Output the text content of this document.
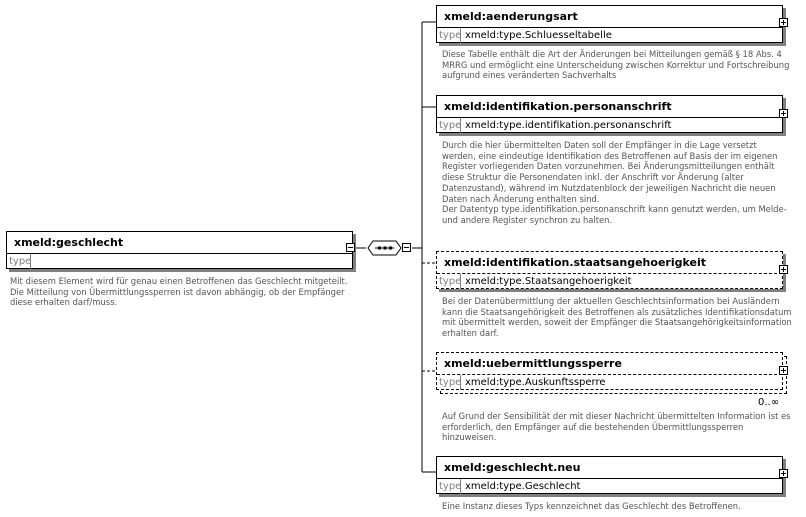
xmeld:geschlecht
type
Mit diesem Element wird für genau einen Betroffenen das Geschlecht mitgeteilt.
Die Mitteilung von Übermittlungssperren ist davon abhängig, ob der Empfänger
diese erhalten darf/muss.
xmeld:aenderungsart
type xmeld:type.Schluesseltabelle
Diese Tabelle enthält die Art der Änderungen bei Mitteilungen gemäß § 18 Abs. 4
MRRG und ermöglicht eine Unterscheidung zwischen Korrektur und Fortschreibung
aufgrund eines veränderten Sachverhalts
xmeld:identifikation.personanschrift
type xmeld:type.identifikation.personanschrift
Durch die hier übermittelten Daten soll der Empfänger in die Lage versetzt
werden, eine eindeutige Identifikation des Betroffenen auf Basis der im eigenen
Register vorliegenden Daten vorzunehmen. Bei Änderungsmitteilungen enthält
diese Struktur die Personendaten inkl. der Anschrift vor Änderung (alter
Datenzustand), während im Nutzdatenblock der jeweiligen Nachricht die neuen
Daten nach Änderung enthalten sind.
Der Datentyp type.identifikation.personanschrift kann genutzt werden, um Melde-
und andere Register synchron zu halten.
xmeld:identifikation.staatsangehoerigkeit
type xmeld:type.Staatsangehoerigkeit
Bei der Datenübermittlung der aktuellen Geschlechtsinformation bei Ausländern
kann die Staatsangehörigkeit des Betroffenen als zusätzliches Identifikationsdatum
mit übermittelt werden, soweit der Empfänger die Staatsangehörigkeitsinformation
erhalten darf.
xmeld:uebermittlungssperre
type xmeld:type.Auskunftssperre
0..∞
Auf Grund der Sensibilität der mit dieser Nachricht übermittelten Information ist es
erforderlich, den Empfänger auf die bestehenden Übermittlungssperren
hinzuweisen.
xmeld:geschlecht.neu
type xmeld:type.Geschlecht
Eine Instanz dieses Typs kennzeichnet das Geschlecht des Betroffenen.
